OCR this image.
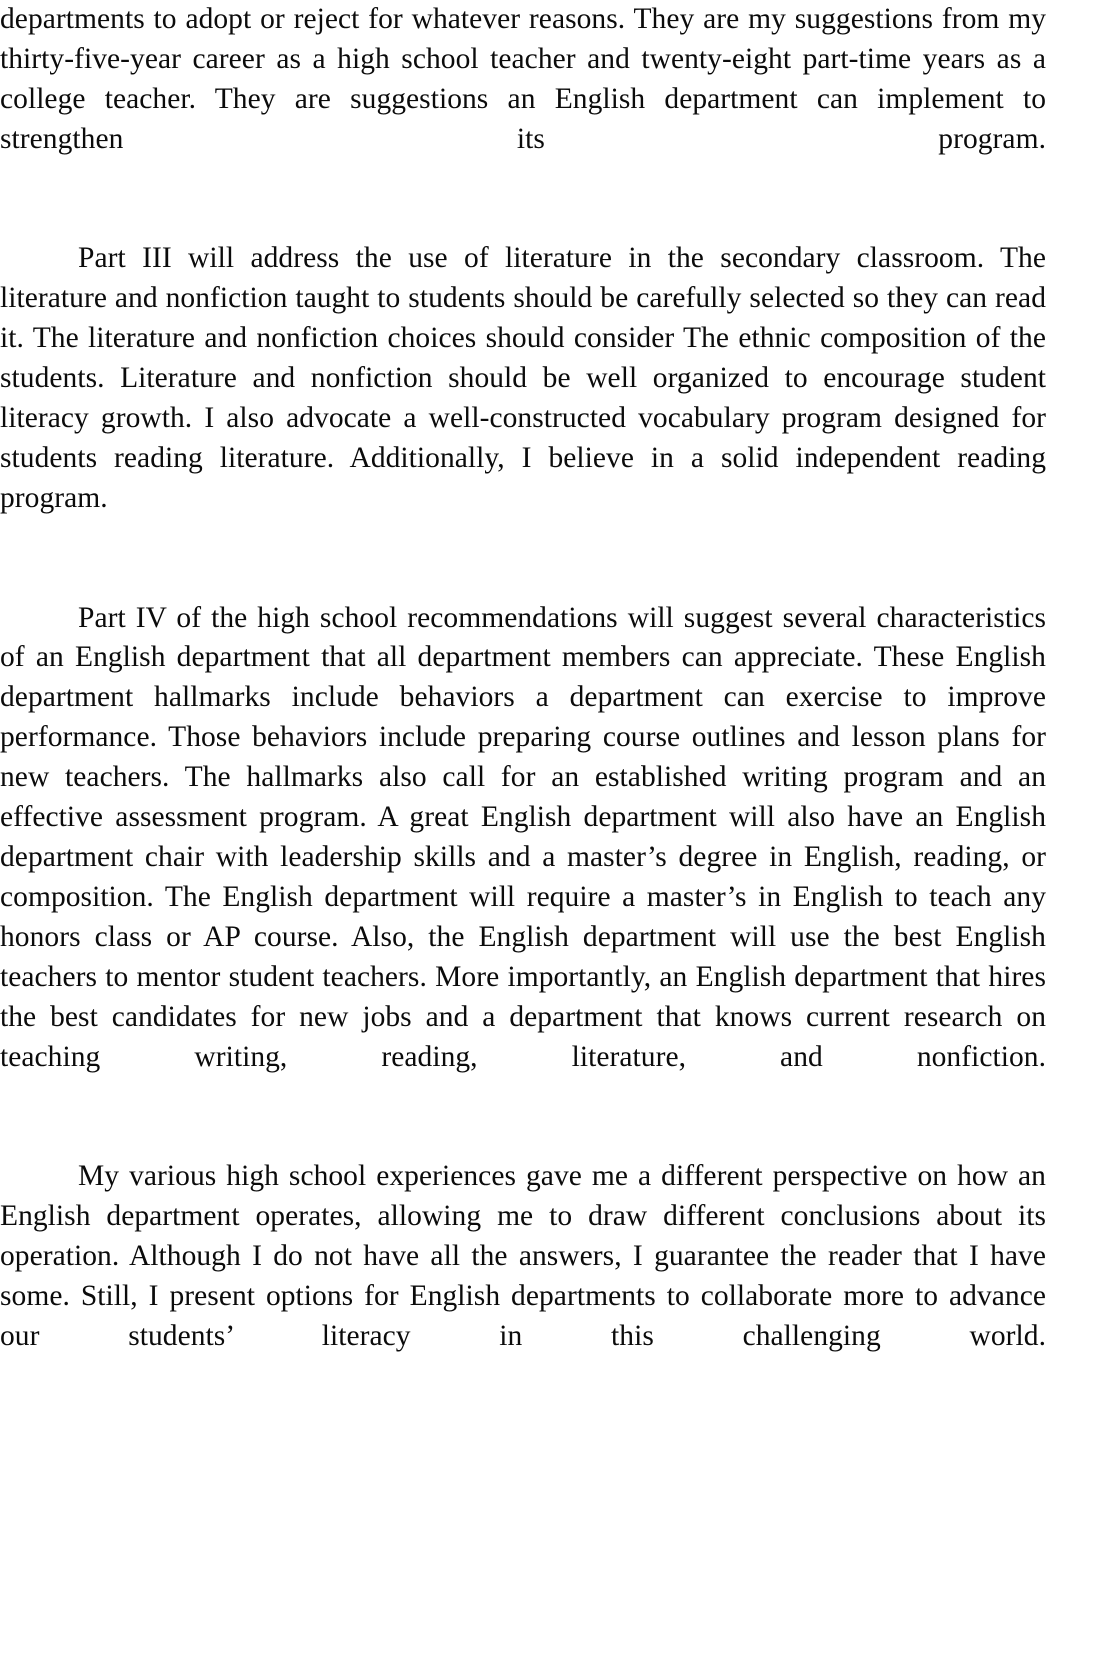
departments to adopt or reject for whatever reasons. They are my suggestions from my thirty-five-year career as a high school teacher and twenty-eight part-time years as a college teacher. They are suggestions an English department can implement to strengthen its program.

Part III will address the use of literature in the secondary classroom. The literature and nonfiction taught to students should be carefully selected so they can read it. The literature and nonfiction choices should consider The ethnic composition of the students. Literature and nonfiction should be well organized to encourage student literacy growth. I also advocate a well-constructed vocabulary program designed for students reading literature. Additionally, I believe in a solid independent reading program.

Part IV of the high school recommendations will suggest several characteristics of an English department that all department members can appreciate. These English department hallmarks include behaviors a department can exercise to improve performance. Those behaviors include preparing course outlines and lesson plans for new teachers. The hallmarks also call for an established writing program and an effective assessment program. A great English department will also have an English department chair with leadership skills and a master’s degree in English, reading, or composition. The English department will require a master’s in English to teach any honors class or AP course. Also, the English department will use the best English teachers to mentor student teachers. More importantly, an English department that hires the best candidates for new jobs and a department that knows current research on teaching writing, reading, literature, and nonfiction.

My various high school experiences gave me a different perspective on how an English department operates, allowing me to draw different conclusions about its operation. Although I do not have all the answers, I guarantee the reader that I have some. Still, I present options for English departments to collaborate more to advance our students’ literacy in this challenging world.
